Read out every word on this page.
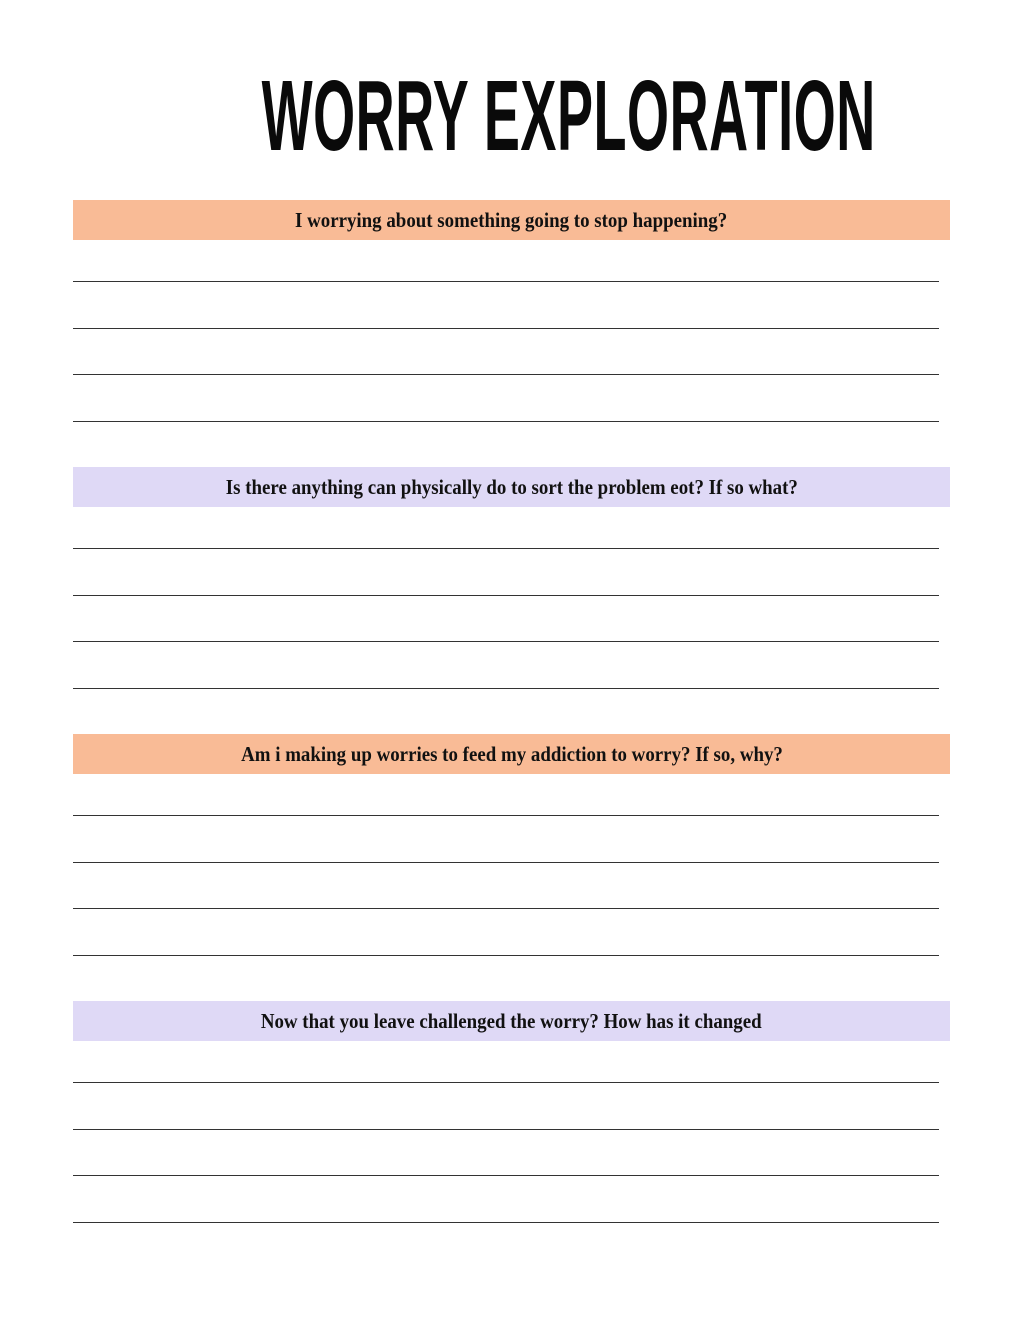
WORRY EXPLORATION
I worrying about something going to stop happening?
Is there anything can physically do to sort the problem eot? If so what?
Am i making up worries to feed my addiction to worry? If so, why?
Now that you leave challenged the worry? How has it changed
